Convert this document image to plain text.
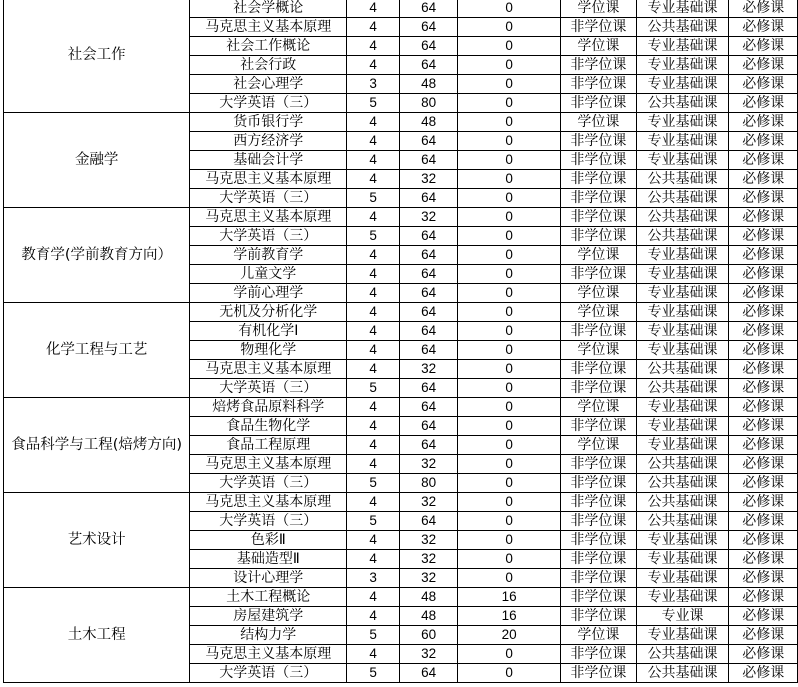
社会工作	社会学概论	4	64	0	学位课	专业基础课	必修课
	马克思主义基本原理	4	64	0	非学位课	公共基础课	必修课
	社会工作概论	4	64	0	学位课	专业基础课	必修课
	社会行政	4	64	0	非学位课	专业基础课	必修课
	社会心理学	3	48	0	非学位课	专业基础课	必修课
	大学英语（三）	5	80	0	非学位课	公共基础课	必修课
金融学	货币银行学	4	48	0	学位课	专业基础课	必修课
	西方经济学	4	64	0	非学位课	专业基础课	必修课
	基础会计学	4	64	0	非学位课	专业基础课	必修课
	马克思主义基本原理	4	32	0	非学位课	公共基础课	必修课
	大学英语（三）	5	64	0	非学位课	公共基础课	必修课
教育学(学前教育方向）	马克思主义基本原理	4	32	0	非学位课	公共基础课	必修课
	大学英语（三）	5	64	0	非学位课	公共基础课	必修课
	学前教育学	4	64	0	学位课	专业基础课	必修课
	儿童文学	4	64	0	非学位课	专业基础课	必修课
	学前心理学	4	64	0	学位课	专业基础课	必修课
化学工程与工艺	无机及分析化学	4	64	0	学位课	专业基础课	必修课
	有机化学Ⅰ	4	64	0	非学位课	专业基础课	必修课
	物理化学	4	64	0	学位课	专业基础课	必修课
	马克思主义基本原理	4	32	0	非学位课	公共基础课	必修课
	大学英语（三）	5	64	0	非学位课	公共基础课	必修课
食品科学与工程(焙烤方向)	焙烤食品原料科学	4	64	0	学位课	专业基础课	必修课
	食品生物化学	4	64	0	非学位课	专业基础课	必修课
	食品工程原理	4	64	0	学位课	专业基础课	必修课
	马克思主义基本原理	4	32	0	非学位课	公共基础课	必修课
	大学英语（三）	5	80	0	非学位课	公共基础课	必修课
艺术设计	马克思主义基本原理	4	32	0	非学位课	公共基础课	必修课
	大学英语（三）	5	64	0	非学位课	公共基础课	必修课
	色彩Ⅱ	4	32	0	非学位课	专业基础课	必修课
	基础造型Ⅱ	4	32	0	非学位课	专业基础课	必修课
	设计心理学	3	32	0	非学位课	专业基础课	必修课
土木工程	土木工程概论	4	48	16	非学位课	专业基础课	必修课
	房屋建筑学	4	48	16	非学位课	专业课	必修课
	结构力学	5	60	20	学位课	专业基础课	必修课
	马克思主义基本原理	4	32	0	非学位课	公共基础课	必修课
	大学英语（三）	5	64	0	非学位课	公共基础课	必修课
